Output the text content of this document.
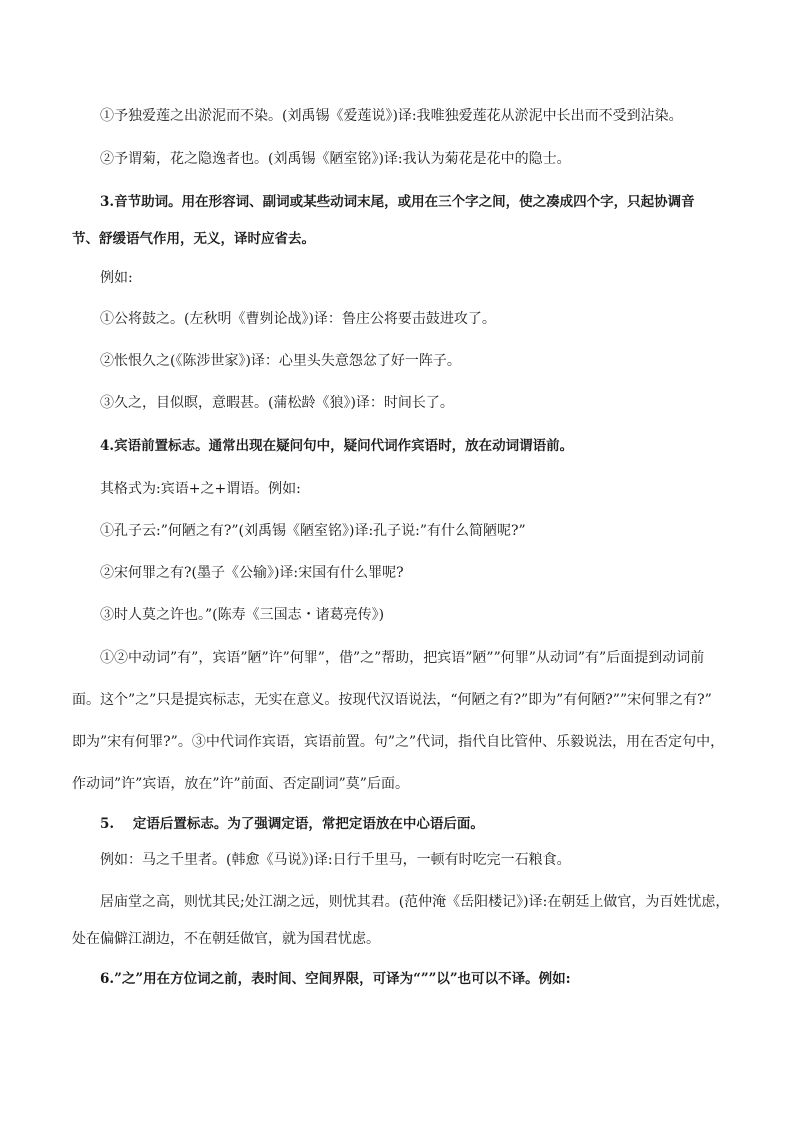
①予独爱莲之出淤泥而不染。(刘禹锡《爱莲说》)译:我唯独爱莲花从淤泥中长出而不受到沾染。
②予谓菊，花之隐逸者也。(刘禹锡《陋室铭》)译:我认为菊花是花中的隐士。
3.音节助词。用在形容词、副词或某些动词末尾，或用在三个字之间，使之凑成四个字，只起协调音
节、舒缓语气作用，无义，译时应省去。
例如:
①公将鼓之。(左秋明《曹刿论战》)译：鲁庄公将要击鼓进攻了。
②怅恨久之(《陈涉世家》)译：心里头失意怨忿了好一阵子。
③久之，目似瞑，意暇甚。(蒲松龄《狼》)译：时间长了。
4.宾语前置标志。通常出现在疑问句中，疑问代词作宾语时，放在动词谓语前。
其格式为:宾语+之+谓语。例如:
①孔子云:”何陋之有?”(刘禹锡《陋室铭》)译:孔子说:”有什么简陋呢?”
②宋何罪之有?(墨子《公输》)译:宋国有什么罪呢?
③时人莫之许也。”(陈寿《三国志・诸葛亮传》)
①②中动词”有”，宾语”陋”许”何罪”，借”之”帮助，把宾语”陋””何罪”从动词”有”后面提到动词前
面。这个”之”只是提宾标志，无实在意义。按现代汉语说法，“何陋之有?”即为”有何陋?””宋何罪之有?”
即为”宋有何罪?”。③中代词作宾语，宾语前置。句”之”代词，指代自比管仲、乐毅说法，用在否定句中，
作动词”许”宾语，放在”许”前面、否定副词”莫”后面。
5.    定语后置标志。为了强调定语，常把定语放在中心语后面。
例如：马之千里者。(韩愈《马说》)译:日行千里马，一顿有时吃完一石粮食。
居庙堂之高，则忧其民;处江湖之远，则忧其君。(范仲淹《岳阳楼记》)译:在朝廷上做官，为百姓忧虑，
处在偏僻江湖边，不在朝廷做官，就为国君忧虑。
6.”之”用在方位词之前，表时间、空间界限，可译为“””以”也可以不译。例如:
